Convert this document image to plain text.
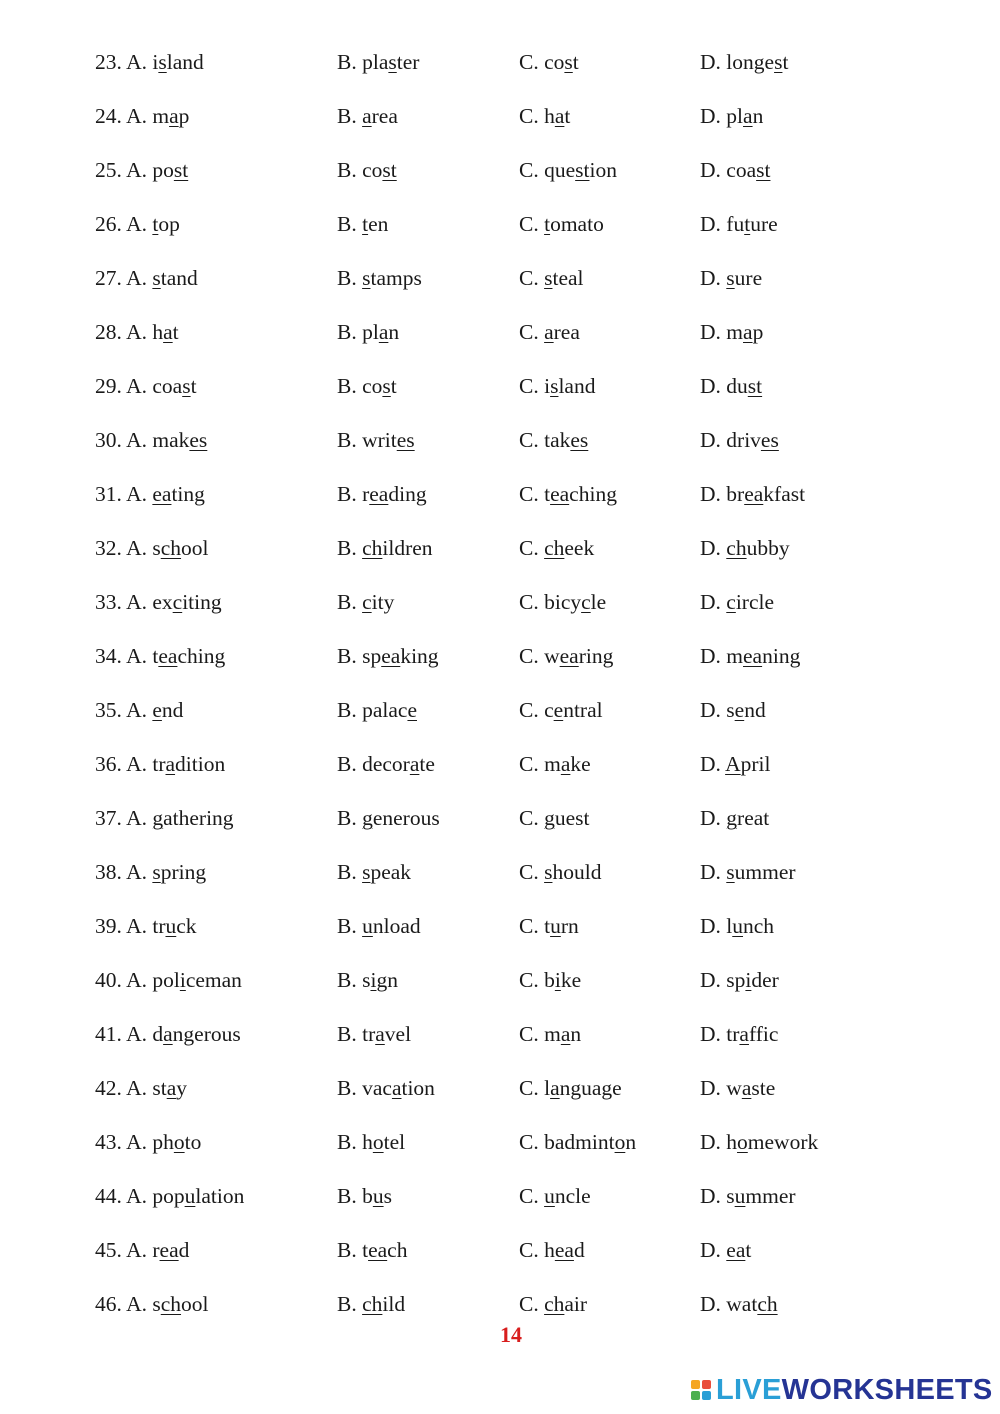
23. A. island	B. plaster	C. cost	D. longest
24. A. map	B. area	C. hat	D. plan
25. A. post	B. cost	C. question	D. coast
26. A. top	B. ten	C. tomato	D. future
27. A. stand	B. stamps	C. steal	D. sure
28. A. hat	B. plan	C. area	D. map
29. A. coast	B. cost	C. island	D. dust
30. A. makes	B. writes	C. takes	D. drives
31. A. eating	B. reading	C. teaching	D. breakfast
32. A. school	B. children	C. cheek	D. chubby
33. A. exciting	B. city	C. bicycle	D. circle
34. A. teaching	B. speaking	C. wearing	D. meaning
35. A. end	B. palace	C. central	D. send
36. A. tradition	B. decorate	C. make	D. April
37. A. gathering	B. generous	C. guest	D. great
38. A. spring	B. speak	C. should	D. summer
39. A. truck	B. unload	C. turn	D. lunch
40. A. policeman	B. sign	C. bike	D. spider
41. A. dangerous	B. travel	C. man	D. traffic
42. A. stay	B. vacation	C. language	D. waste
43. A. photo	B. hotel	C. badminton	D. homework
44. A. population	B. bus	C. uncle	D. summer
45. A. read	B. teach	C. head	D. eat
46. A. school	B. child	C. chair	D. watch
14
LIVEWORKSHEETS
